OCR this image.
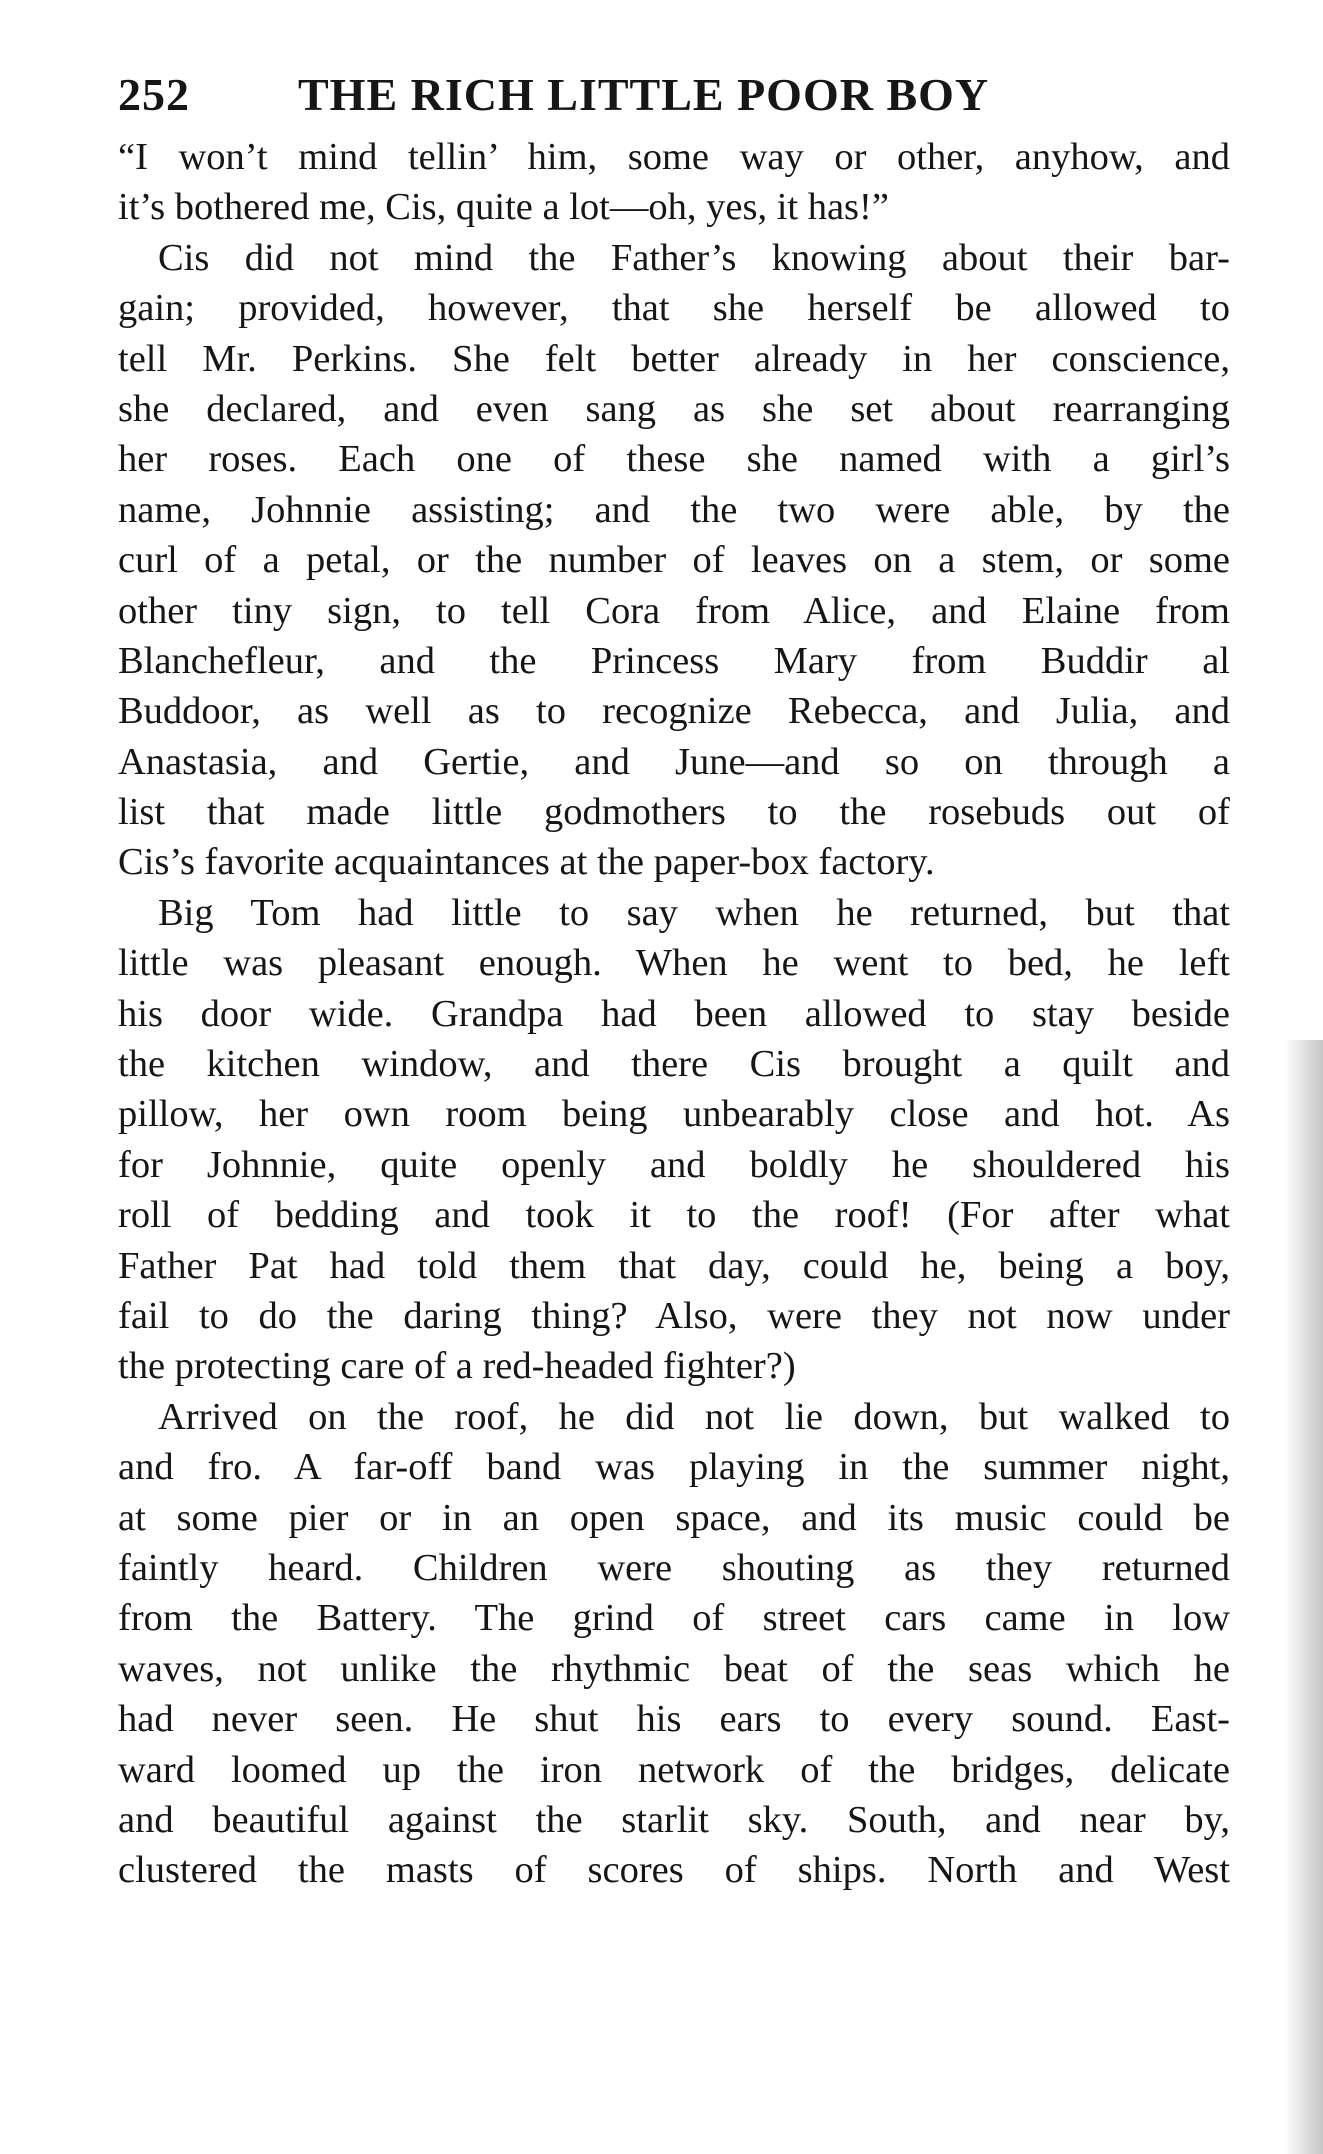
252	THE RICH LITTLE POOR BOY
“I won’t mind tellin’ him, some way or other, anyhow, and
it’s bothered me, Cis, quite a lot—oh, yes, it has!”
Cis did not mind the Father’s knowing about their bar-
gain; provided, however, that she herself be allowed to
tell Mr. Perkins. She felt better already in her conscience,
she declared, and even sang as she set about rearranging
her roses. Each one of these she named with a girl’s
name, Johnnie assisting; and the two were able, by the
curl of a petal, or the number of leaves on a stem, or some
other tiny sign, to tell Cora from Alice, and Elaine from
Blanchefleur, and the Princess Mary from Buddir al
Buddoor, as well as to recognize Rebecca, and Julia, and
Anastasia, and Gertie, and June—and so on through a
list that made little godmothers to the rosebuds out of
Cis’s favorite acquaintances at the paper-box factory.
Big Tom had little to say when he returned, but that
little was pleasant enough. When he went to bed, he left
his door wide. Grandpa had been allowed to stay beside
the kitchen window, and there Cis brought a quilt and
pillow, her own room being unbearably close and hot. As
for Johnnie, quite openly and boldly he shouldered his
roll of bedding and took it to the roof! (For after what
Father Pat had told them that day, could he, being a boy,
fail to do the daring thing? Also, were they not now under
the protecting care of a red-headed fighter?)
Arrived on the roof, he did not lie down, but walked to
and fro. A far-off band was playing in the summer night,
at some pier or in an open space, and its music could be
faintly heard. Children were shouting as they returned
from the Battery. The grind of street cars came in low
waves, not unlike the rhythmic beat of the seas which he
had never seen. He shut his ears to every sound. East-
ward loomed up the iron network of the bridges, delicate
and beautiful against the starlit sky. South, and near by,
clustered the masts of scores of ships. North and West
